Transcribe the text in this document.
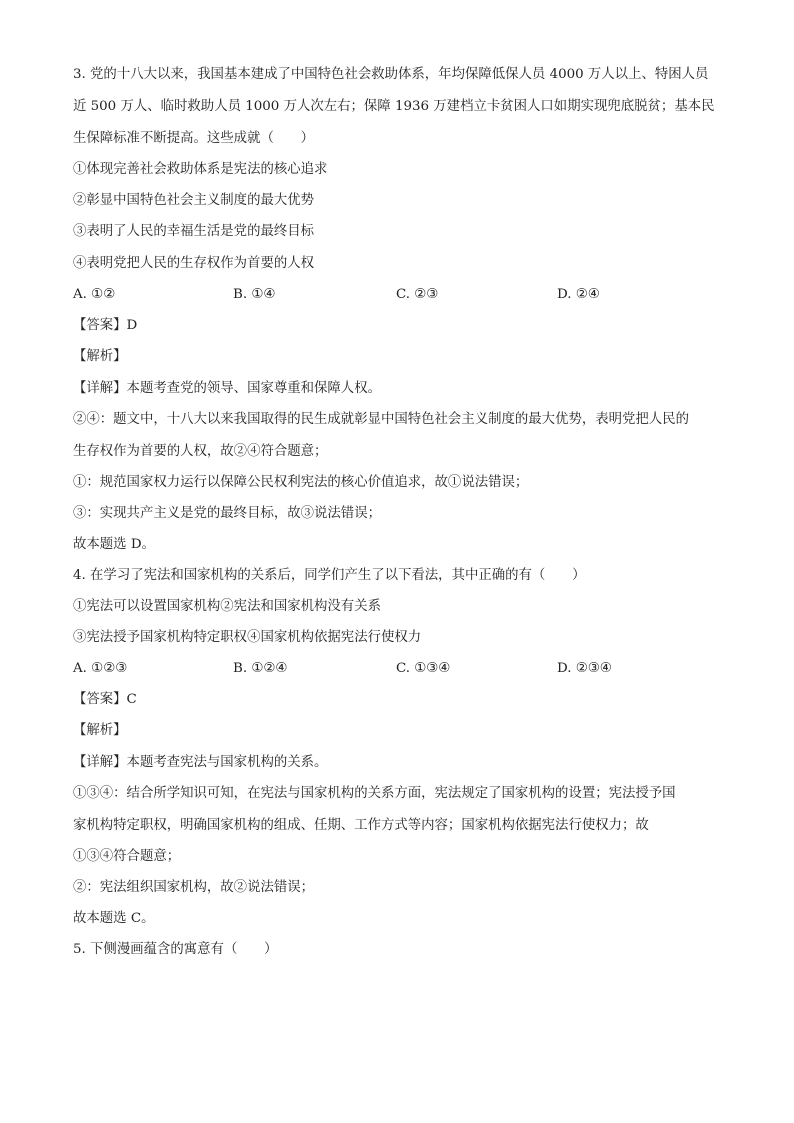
3. 党的十八大以来，我国基本建成了中国特色社会救助体系，年均保障低保人员 4000 万人以上、特困人员
近 500 万人、临时救助人员 1000 万人次左右；保障 1936 万建档立卡贫困人口如期实现兜底脱贫；基本民
生保障标准不断提高。这些成就（　　）
①体现完善社会救助体系是宪法的核心追求
②彰显中国特色社会主义制度的最大优势
③表明了人民的幸福生活是党的最终目标
④表明党把人民的生存权作为首要的人权
A. ①②	B. ①④	C. ②③	D. ②④
【答案】D
【解析】
【详解】本题考查党的领导、国家尊重和保障人权。
②④：题文中，十八大以来我国取得的民生成就彰显中国特色社会主义制度的最大优势，表明党把人民的
生存权作为首要的人权，故②④符合题意；
①：规范国家权力运行以保障公民权利宪法的核心价值追求，故①说法错误；
③：实现共产主义是党的最终目标，故③说法错误；
故本题选 D。
4. 在学习了宪法和国家机构的关系后，同学们产生了以下看法，其中正确的有（　　）
①宪法可以设置国家机构②宪法和国家机构没有关系
③宪法授予国家机构特定职权④国家机构依据宪法行使权力
A. ①②③	B. ①②④	C. ①③④	D. ②③④
【答案】C
【解析】
【详解】本题考查宪法与国家机构的关系。
①③④：结合所学知识可知，在宪法与国家机构的关系方面，宪法规定了国家机构的设置；宪法授予国
家机构特定职权，明确国家机构的组成、任期、工作方式等内容；国家机构依据宪法行使权力；故
①③④符合题意；
②：宪法组织国家机构，故②说法错误；
故本题选 C。
5. 下侧漫画蕴含的寓意有（　　）
